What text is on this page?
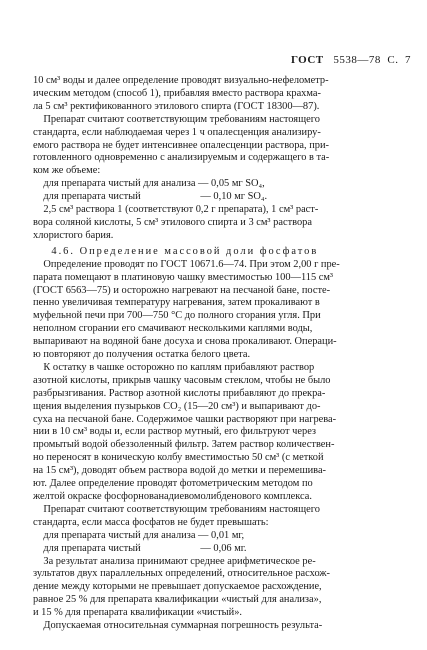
ГОСТ 5538—78 С. 7

10 см³ воды и далее определение проводят визуально-нефелометр-

ическим методом (способ 1), прибавляя вместо раствора крахма-

ла 5 см³ ректификованного этилового спирта (ГОСТ 18300—87).

Препарат считают соответствующим требованиям настоящего

стандарта, если наблюдаемая через 1 ч опалесценция анализиру-

емого раствора не будет интенсивнее опалесценции раствора, при-

готовленного одновременно с анализируемым и содержащего в та-

ком же объеме:

для препарата чистый для анализа — 0,05 мг SO₄,

для препарата чистый                       — 0,10 мг SO₄.

2,5 см³ раствора 1 (соответствуют 0,2 г препарата), 1 см³ раст-

вора соляной кислоты, 5 см³ этилового спирта и 3 см³ раствора

хлористого бария.

4.6. Определение массовой доли фосфатов

Определение проводят по ГОСТ 10671.6—74. При этом 2,00 г пре-

парата помещают в платиновую чашку вместимостью 100—115 см³

(ГОСТ 6563—75) и осторожно нагревают на песчаной бане, посте-

пенно увеличивая температуру нагревания, затем прокаливают в

муфельной печи при 700—750 °С до полного сгорания угля. При

неполном сгорании его смачивают несколькими каплями воды,

выпаривают на водяной бане досуха и снова прокаливают. Операци-

ю повторяют до получения остатка белого цвета.

К остатку в чашке осторожно по каплям прибавляют раствор

азотной кислоты, прикрыв чашку часовым стеклом, чтобы не было

разбрызгивания. Раствор азотной кислоты прибавляют до прекра-

щения выделения пузырьков CO₂ (15—20 см³) и выпаривают до-

суха на песчаной бане. Содержимое чашки растворяют при нагрева-

нии в 10 см³ воды и, если раствор мутный, его фильтруют через

промытый водой обеззоленный фильтр. Затем раствор количествен-

но переносят в коническую колбу вместимостью 50 см³ (с меткой

на 15 см³), доводят объем раствора водой до метки и перемешива-

ют. Далее определение проводят фотометрическим методом по

желтой окраске фосфорнованадиевомолибденового комплекса.

Препарат считают соответствующим требованиям настоящего

стандарта, если масса фосфатов не будет превышать:

для препарата чистый для анализа — 0,01 мг,

для препарата чистый                       — 0,06 мг.

За результат анализа принимают среднее арифметическое ре-

зультатов двух параллельных определений, относительное расхож-

дение между которыми не превышает допускаемое расхождение,

равное 25 % для препарата квалификации «чистый для анализа»,

и 15 % для препарата квалификации «чистый».

Допускаемая относительная суммарная погрешность результа-
